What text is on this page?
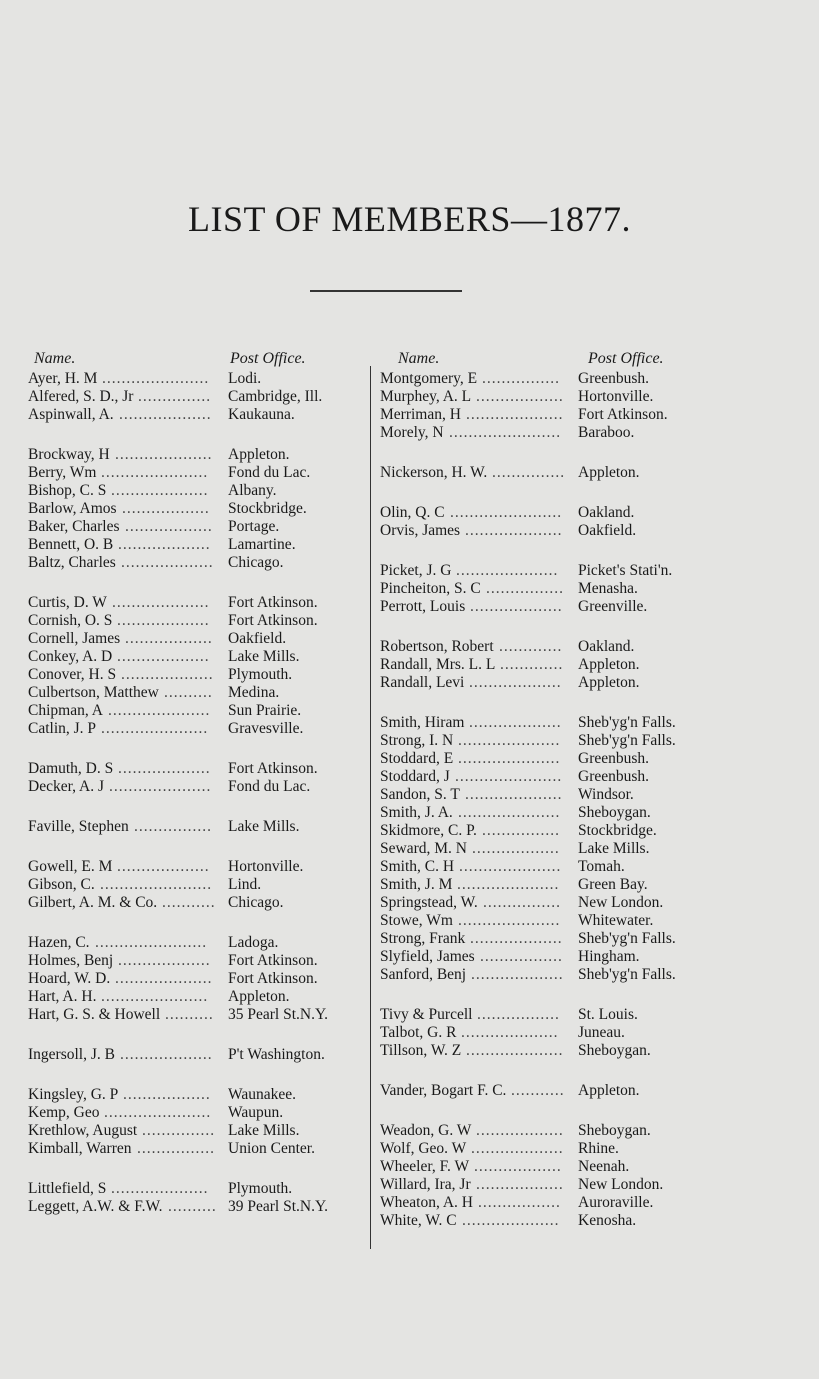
LIST OF MEMBERS—1877.
Name.	Post Office.
Ayer, H. M ...................... Lodi.
Alfered, S. D., Jr ............... Cambridge, Ill.
Aspinwall, A. ................... Kaukauna.
Brockway, H .................... Appleton.
Berry, Wm ...................... Fond du Lac.
Bishop, C. S .................... Albany.
Barlow, Amos .................. Stockbridge.
Baker, Charles .................. Portage.
Bennett, O. B ................... Lamartine.
Baltz, Charles ................... Chicago.
Curtis, D. W .................... Fort Atkinson.
Cornish, O. S ................... Fort Atkinson.
Cornell, James .................. Oakfield.
Conkey, A. D ................... Lake Mills.
Conover, H. S ................... Plymouth.
Culbertson, Matthew .......... Medina.
Chipman, A ..................... Sun Prairie.
Catlin, J. P ...................... Gravesville.
Damuth, D. S ................... Fort Atkinson.
Decker, A. J ..................... Fond du Lac.
Faville, Stephen ................ Lake Mills.
Gowell, E. M ................... Hortonville.
Gibson, C. ....................... Lind.
Gilbert, A. M. & Co. ........... Chicago.
Hazen, C. ....................... Ladoga.
Holmes, Benj ................... Fort Atkinson.
Hoard, W. D. .................... Fort Atkinson.
Hart, A. H. ...................... Appleton.
Hart, G. S. & Howell .......... 35 Pearl St.N.Y.
Ingersoll, J. B ................... P't Washington.
Kingsley, G. P .................. Waunakee.
Kemp, Geo ...................... Waupun.
Krethlow, August ............... Lake Mills.
Kimball, Warren ................ Union Center.
Littlefield, S .................... Plymouth.
Leggett, A.W. & F.W. .......... 39 Pearl St.N.Y.
Name.	Post Office.
Montgomery, E ................ Greenbush.
Murphey, A. L .................. Hortonville.
Merriman, H .................... Fort Atkinson.
Morely, N ....................... Baraboo.
Nickerson, H. W. ............... Appleton.
Olin, Q. C ....................... Oakland.
Orvis, James .................... Oakfield.
Picket, J. G ..................... Picket's Stati'n.
Pincheiton, S. C ................ Menasha.
Perrott, Louis ................... Greenville.
Robertson, Robert ............. Oakland.
Randall, Mrs. L. L ............. Appleton.
Randall, Levi ................... Appleton.
Smith, Hiram ................... Sheb'yg'n Falls.
Strong, I. N ..................... Sheb'yg'n Falls.
Stoddard, E ..................... Greenbush.
Stoddard, J ...................... Greenbush.
Sandon, S. T .................... Windsor.
Smith, J. A. ..................... Sheboygan.
Skidmore, C. P. ................ Stockbridge.
Seward, M. N .................. Lake Mills.
Smith, C. H ..................... Tomah.
Smith, J. M ..................... Green Bay.
Springstead, W. ................ New London.
Stowe, Wm ..................... Whitewater.
Strong, Frank ................... Sheb'yg'n Falls.
Slyfield, James ................. Hingham.
Sanford, Benj ................... Sheb'yg'n Falls.
Tivy & Purcell ................. St. Louis.
Talbot, G. R .................... Juneau.
Tillson, W. Z .................... Sheboygan.
Vander, Bogart F. C. ........... Appleton.
Weadon, G. W .................. Sheboygan.
Wolf, Geo. W ................... Rhine.
Wheeler, F. W .................. Neenah.
Willard, Ira, Jr .................. New London.
Wheaton, A. H ................. Auroraville.
White, W. C .................... Kenosha.
